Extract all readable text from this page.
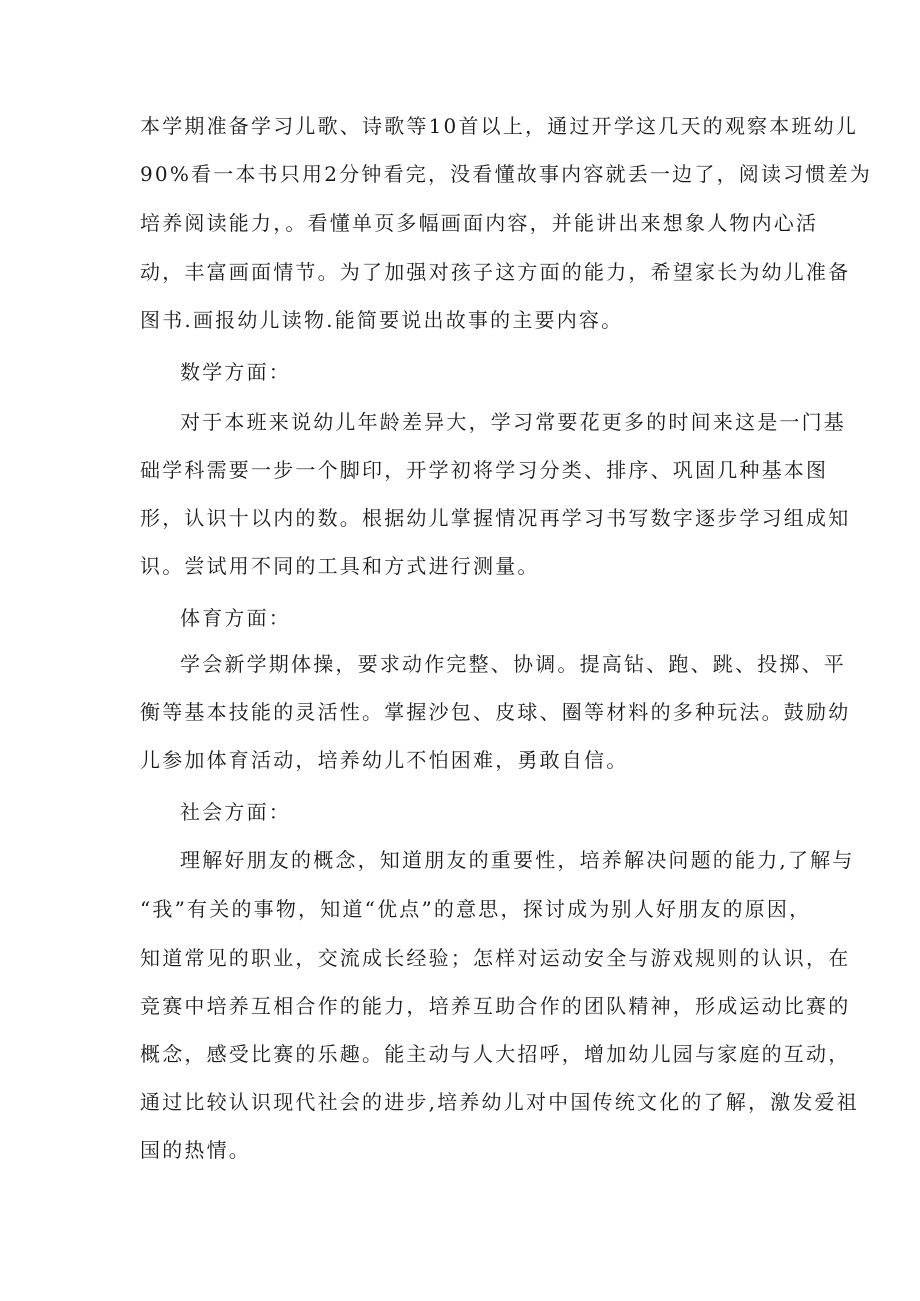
本学期准备学习儿歌、诗歌等10首以上，通过开学这几天的观察本班幼儿
90%看一本书只用2分钟看完，没看懂故事内容就丢一边了，阅读习惯差为
培养阅读能力，。看懂单页多幅画面内容，并能讲出来想象人物内心活
动，丰富画面情节。为了加强对孩子这方面的能力，希望家长为幼儿准备
图书.画报幼儿读物.能简要说出故事的主要内容。
数学方面：
对于本班来说幼儿年龄差异大，学习常要花更多的时间来这是一门基
础学科需要一步一个脚印，开学初将学习分类、排序、巩固几种基本图
形，认识十以内的数。根据幼儿掌握情况再学习书写数字逐步学习组成知
识。尝试用不同的工具和方式进行测量。
体育方面：
学会新学期体操，要求动作完整、协调。提高钻、跑、跳、投掷、平
衡等基本技能的灵活性。掌握沙包、皮球、圈等材料的多种玩法。鼓励幼
儿参加体育活动，培养幼儿不怕困难，勇敢自信。
社会方面：
理解好朋友的概念，知道朋友的重要性，培养解决问题的能力,了解与
“我”有关的事物，知道“优点”的意思，探讨成为别人好朋友的原因，
知道常见的职业，交流成长经验；怎样对运动安全与游戏规则的认识，在
竞赛中培养互相合作的能力，培养互助合作的团队精神，形成运动比赛的
概念，感受比赛的乐趣。能主动与人大招呼，增加幼儿园与家庭的互动，
通过比较认识现代社会的进步,培养幼儿对中国传统文化的了解，激发爱祖
国的热情。
